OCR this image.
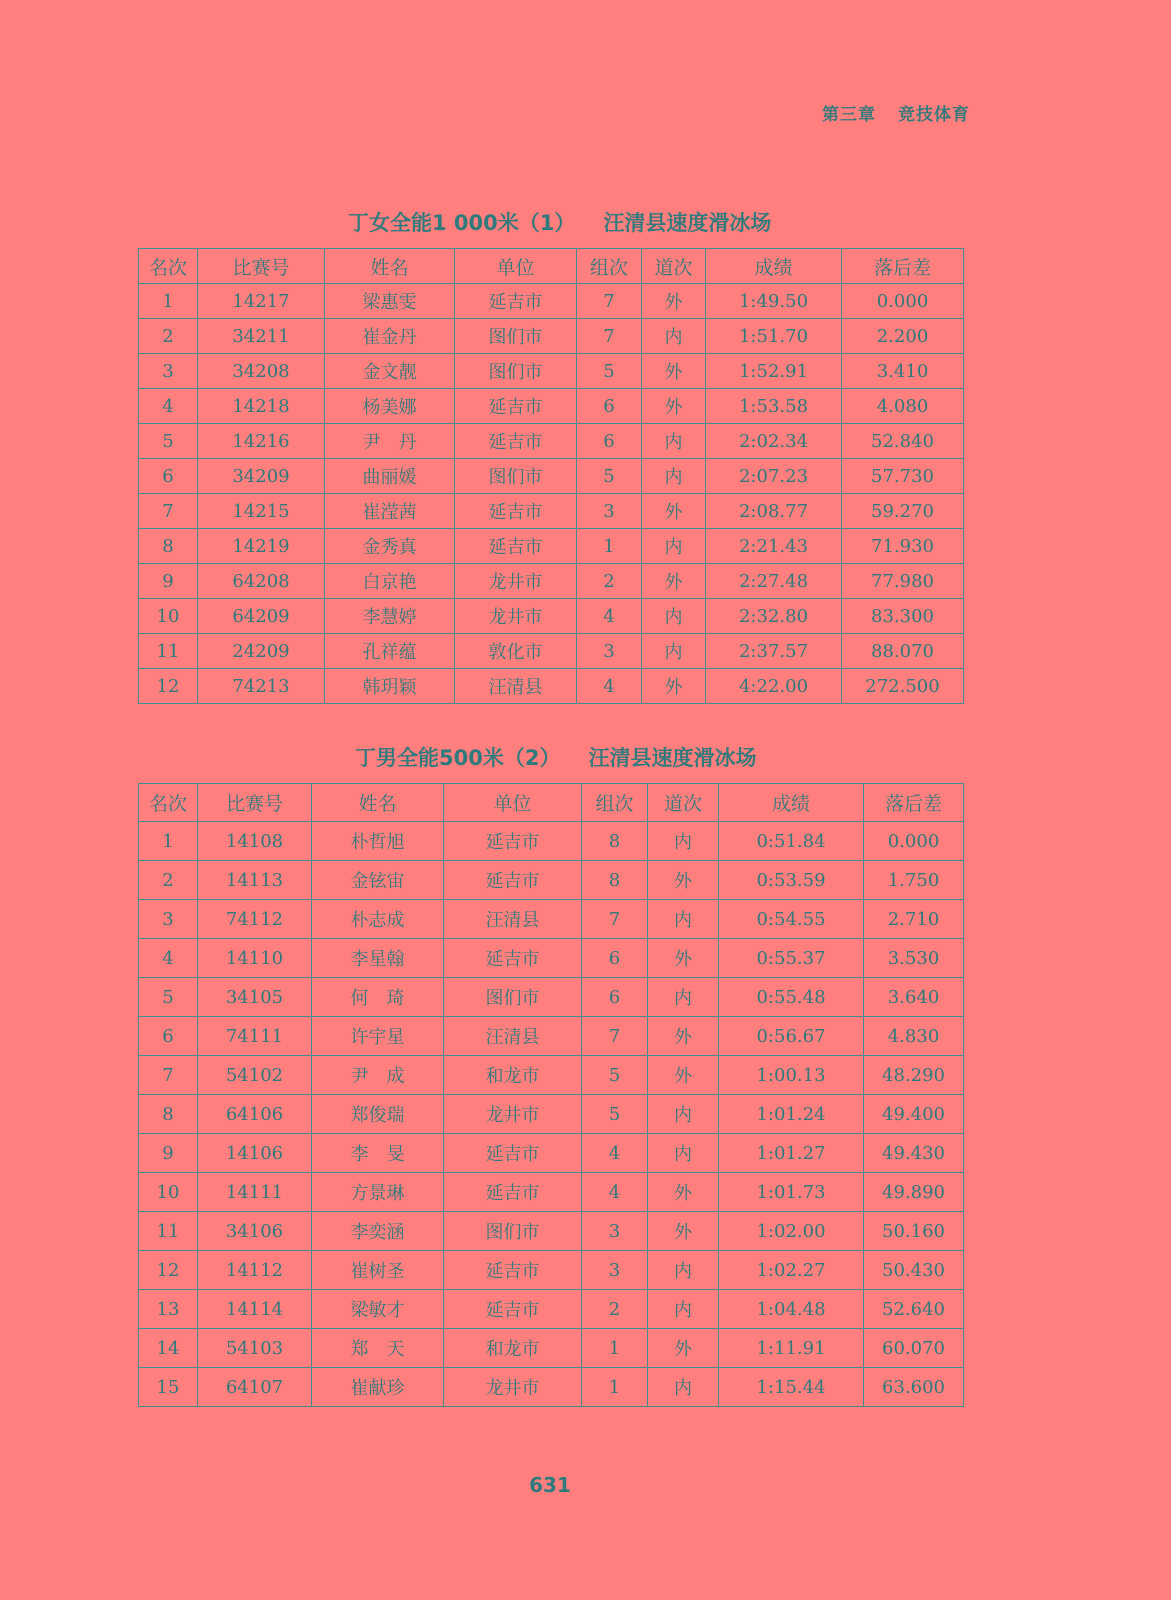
第三章 竞技体育
丁女全能1 000米（1） 汪清县速度滑冰场
名次	比赛号	姓名	单位	组次	道次	成绩	落后差
1	14217	梁惠雯	延吉市	7	外	1:49.50	0.000
2	34211	崔金丹	图们市	7	内	1:51.70	2.200
3	34208	金文靓	图们市	5	外	1:52.91	3.410
4	14218	杨美娜	延吉市	6	外	1:53.58	4.080
5	14216	尹　丹	延吉市	6	内	2:02.34	52.840
6	34209	曲丽媛	图们市	5	内	2:07.23	57.730
7	14215	崔滢茜	延吉市	3	外	2:08.77	59.270
8	14219	金秀真	延吉市	1	内	2:21.43	71.930
9	64208	白京艳	龙井市	2	外	2:27.48	77.980
10	64209	李慧婷	龙井市	4	内	2:32.80	83.300
11	24209	孔祥蕴	敦化市	3	内	2:37.57	88.070
12	74213	韩玥颖	汪清县	4	外	4:22.00	272.500
丁男全能500米（2） 汪清县速度滑冰场
名次	比赛号	姓名	单位	组次	道次	成绩	落后差
1	14108	朴哲旭	延吉市	8	内	0:51.84	0.000
2	14113	金铉宙	延吉市	8	外	0:53.59	1.750
3	74112	朴志成	汪清县	7	内	0:54.55	2.710
4	14110	李星翰	延吉市	6	外	0:55.37	3.530
5	34105	何　琦	图们市	6	内	0:55.48	3.640
6	74111	许宇星	汪清县	7	外	0:56.67	4.830
7	54102	尹　成	和龙市	5	外	1:00.13	48.290
8	64106	郑俊瑞	龙井市	5	内	1:01.24	49.400
9	14106	李　旻	延吉市	4	内	1:01.27	49.430
10	14111	方景琳	延吉市	4	外	1:01.73	49.890
11	34106	李奕涵	图们市	3	外	1:02.00	50.160
12	14112	崔树圣	延吉市	3	内	1:02.27	50.430
13	14114	梁敏才	延吉市	2	内	1:04.48	52.640
14	54103	郑　天	和龙市	1	外	1:11.91	60.070
15	64107	崔献珍	龙井市	1	内	1:15.44	63.600
631
